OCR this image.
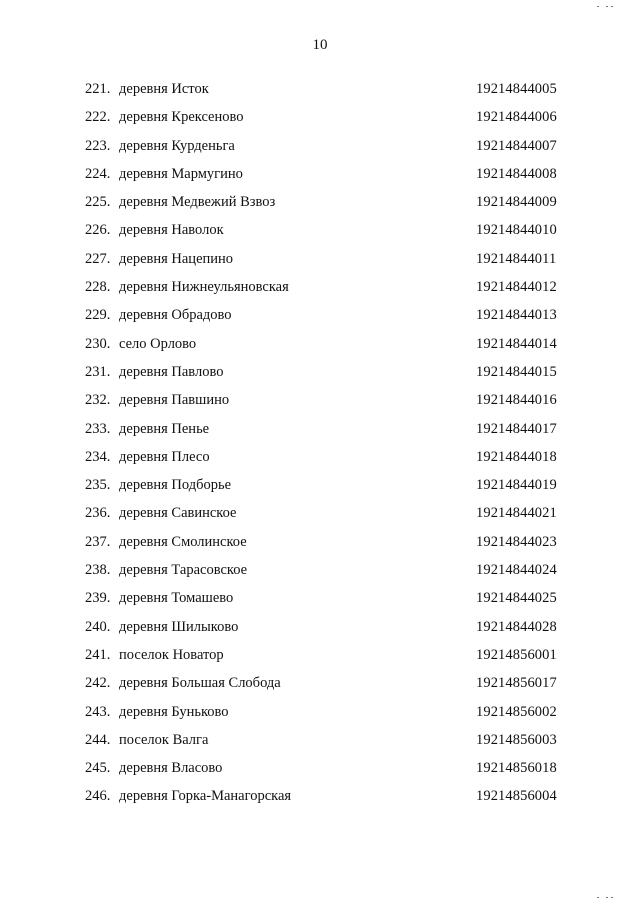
10
221. деревня Исток	19214844005
222. деревня Крексеново	19214844006
223. деревня Курденьга	19214844007
224. деревня Мармугино	19214844008
225. деревня Медвежий Взвоз	19214844009
226. деревня Наволок	19214844010
227. деревня Нацепино	19214844011
228. деревня Нижнеульяновская	19214844012
229. деревня Обрадово	19214844013
230. село Орлово	19214844014
231. деревня Павлово	19214844015
232. деревня Павшино	19214844016
233. деревня Пенье	19214844017
234. деревня Плесо	19214844018
235. деревня Подборье	19214844019
236. деревня Савинское	19214844021
237. деревня Смолинское	19214844023
238. деревня Тарасовское	19214844024
239. деревня Томашево	19214844025
240. деревня Шилыково	19214844028
241. поселок Новатор	19214856001
242. деревня Большая Слобода	19214856017
243. деревня Буньково	19214856002
244. поселок Валга	19214856003
245. деревня Власово	19214856018
246. деревня Горка-Манагорская	19214856004
